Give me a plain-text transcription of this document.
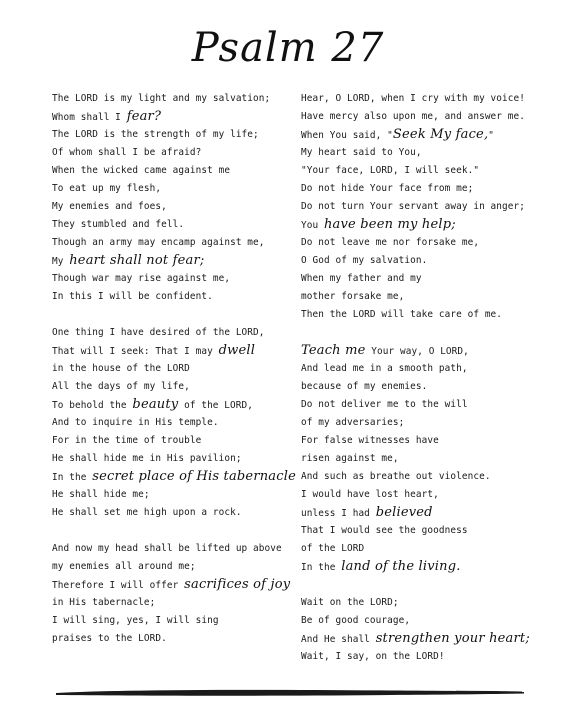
Psalm 27
The LORD is my light and my salvation;
Whom shall I fear?
The LORD is the strength of my life;
Of whom shall I be afraid?
When the wicked came against me
To eat up my flesh,
My enemies and foes,
They stumbled and fell.
Though an army may encamp against me,
My heart shall not fear;
Though war may rise against me,
In this I will be confident.
One thing I have desired of the LORD,
That will I seek: That I may dwell
in the house of the LORD
All the days of my life,
To behold the beauty of the LORD,
And to inquire in His temple.
For in the time of trouble
He shall hide me in His pavilion;
In the secret place of His tabernacle
He shall hide me;
He shall set me high upon a rock.
And now my head shall be lifted up above
my enemies all around me;
Therefore I will offer sacrifices of joy
in His tabernacle;
I will sing, yes, I will sing
praises to the LORD.
Hear, O LORD, when I cry with my voice!
Have mercy also upon me, and answer me.
When You said, "Seek My face,"
My heart said to You,
"Your face, LORD, I will seek."
Do not hide Your face from me;
Do not turn Your servant away in anger;
You have been my help;
Do not leave me nor forsake me,
O God of my salvation.
When my father and my
mother forsake me,
Then the LORD will take care of me.
Teach me Your way, O LORD,
And lead me in a smooth path,
because of my enemies.
Do not deliver me to the will
of my adversaries;
For false witnesses have
risen against me,
And such as breathe out violence.
I would have lost heart,
unless I had believed
That I would see the goodness
of the LORD
In the land of the living.
Wait on the LORD;
Be of good courage,
And He shall strengthen your heart;
Wait, I say, on the LORD!
